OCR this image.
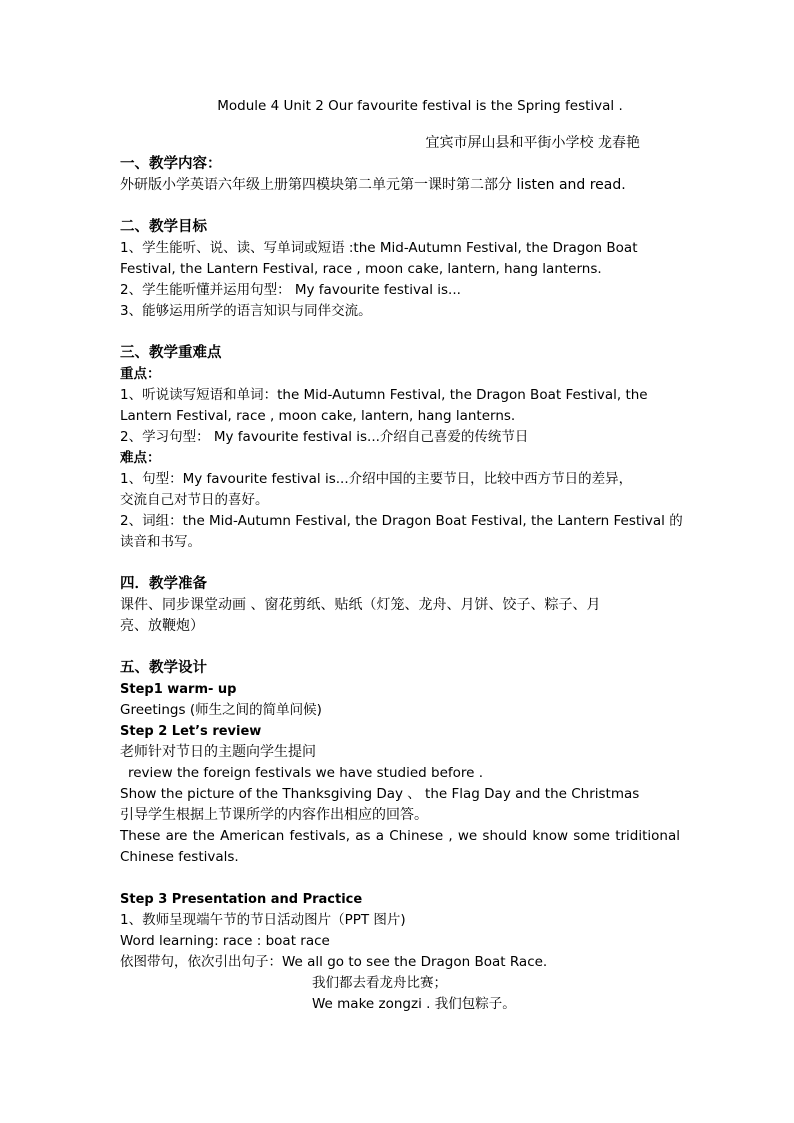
Module 4 Unit 2 Our favourite festival is the Spring festival .
宜宾市屏山县和平街小学校 龙春艳
一、教学内容：
外研版小学英语六年级上册第四模块第二单元第一课时第二部分 listen and read.
二、教学目标
1、学生能听、说、读、写单词或短语 :the Mid-Autumn Festival, the Dragon Boat
Festival, the Lantern Festival, race , moon cake, lantern, hang lanterns.
2、学生能听懂并运用句型： My favourite festival is...
3、能够运用所学的语言知识与同伴交流。
三、教学重难点
重点：
1、听说读写短语和单词：the Mid-Autumn Festival, the Dragon Boat Festival, the
Lantern Festival, race , moon cake, lantern, hang lanterns.
2、学习句型： My favourite festival is...介绍自己喜爱的传统节日
难点：
1、句型：My favourite festival is...介绍中国的主要节日，比较中西方节日的差异，
交流自己对节日的喜好。
2、词组：the Mid-Autumn Festival, the Dragon Boat Festival, the Lantern Festival 的
读音和书写。
四．教学准备
课件、同步课堂动画 、窗花剪纸、贴纸（灯笼、龙舟、月饼、饺子、粽子、月
亮、放鞭炮）
五、教学设计
Step1 warm- up
Greetings (师生之间的简单问候)
Step 2 Let’s review
老师针对节日的主题向学生提问
review the foreign festivals we have studied before .
Show the picture of the Thanksgiving Day 、 the Flag Day and the Christmas
引导学生根据上节课所学的内容作出相应的回答。
These are the American festivals, as a Chinese , we should know some triditional
Chinese festivals.
Step 3 Presentation and Practice
1、教师呈现端午节的节日活动图片（PPT 图片)
Word learning: race : boat race
依图带句，依次引出句子：We all go to see the Dragon Boat Race.
我们都去看龙舟比赛；
We make zongzi . 我们包粽子。
